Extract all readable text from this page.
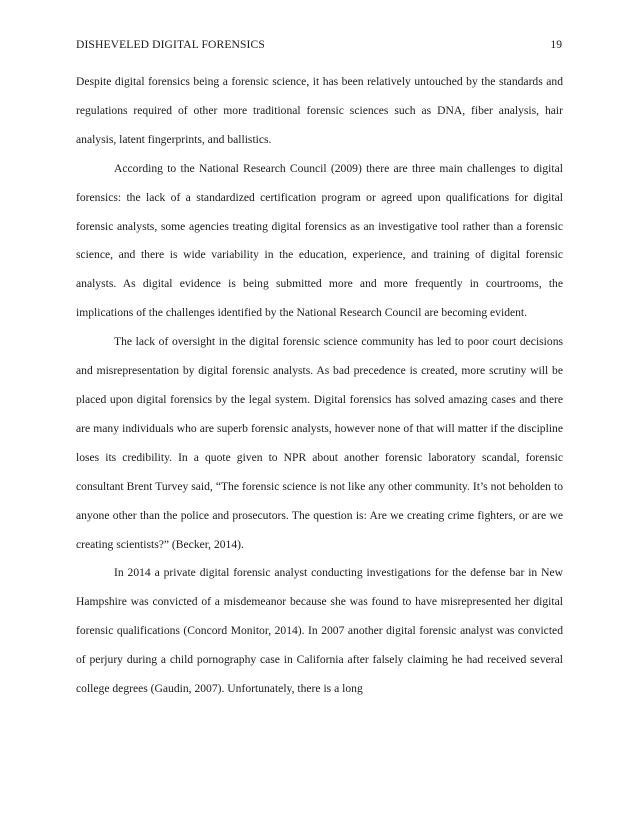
DISHEVELED DIGITAL FORENSICS	19

Despite digital forensics being a forensic science, it has been relatively untouched by the standards and regulations required of other more traditional forensic sciences such as DNA, fiber analysis, hair analysis, latent fingerprints, and ballistics.

According to the National Research Council (2009) there are three main challenges to digital forensics: the lack of a standardized certification program or agreed upon qualifications for digital forensic analysts, some agencies treating digital forensics as an investigative tool rather than a forensic science, and there is wide variability in the education, experience, and training of digital forensic analysts. As digital evidence is being submitted more and more frequently in courtrooms, the implications of the challenges identified by the National Research Council are becoming evident.

The lack of oversight in the digital forensic science community has led to poor court decisions and misrepresentation by digital forensic analysts. As bad precedence is created, more scrutiny will be placed upon digital forensics by the legal system. Digital forensics has solved amazing cases and there are many individuals who are superb forensic analysts, however none of that will matter if the discipline loses its credibility. In a quote given to NPR about another forensic laboratory scandal, forensic consultant Brent Turvey said, “The forensic science is not like any other community. It’s not beholden to anyone other than the police and prosecutors. The question is: Are we creating crime fighters, or are we creating scientists?” (Becker, 2014).

In 2014 a private digital forensic analyst conducting investigations for the defense bar in New Hampshire was convicted of a misdemeanor because she was found to have misrepresented her digital forensic qualifications (Concord Monitor, 2014). In 2007 another digital forensic analyst was convicted of perjury during a child pornography case in California after falsely claiming he had received several college degrees (Gaudin, 2007). Unfortunately, there is a long
